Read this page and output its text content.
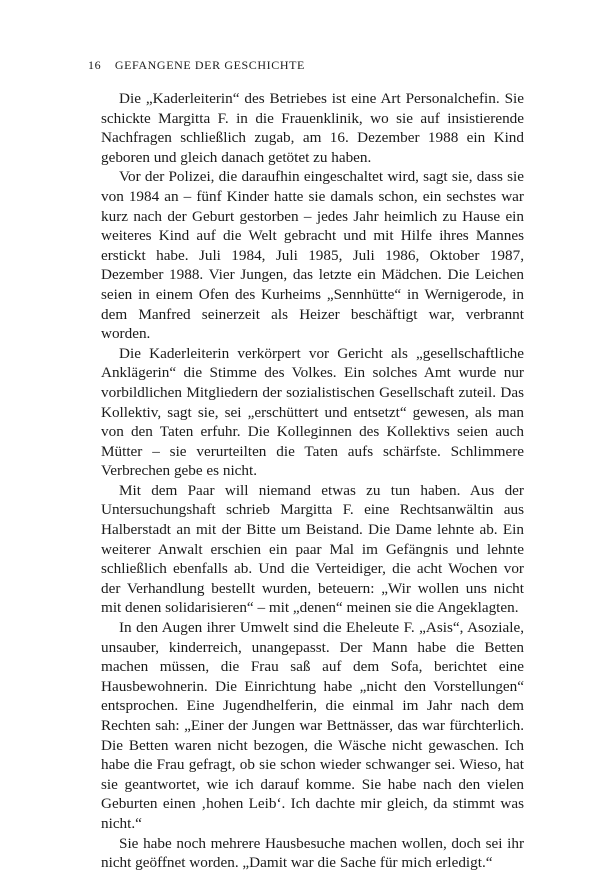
16 GEFANGENE DER GESCHICHTE

Die „Kaderleiterin“ des Betriebes ist eine Art Personalchefin. Sie schickte Margitta F. in die Frauenklinik, wo sie auf insistierende Nachfragen schließlich zugab, am 16. Dezember 1988 ein Kind geboren und gleich danach getötet zu haben.

Vor der Polizei, die daraufhin eingeschaltet wird, sagt sie, dass sie von 1984 an – fünf Kinder hatte sie damals schon, ein sechstes war kurz nach der Geburt gestorben – jedes Jahr heimlich zu Hause ein weiteres Kind auf die Welt gebracht und mit Hilfe ihres Mannes erstickt habe. Juli 1984, Juli 1985, Juli 1986, Oktober 1987, Dezember 1988. Vier Jungen, das letzte ein Mädchen. Die Leichen seien in einem Ofen des Kurheims „Sennhütte“ in Wernigerode, in dem Manfred seinerzeit als Heizer beschäftigt war, verbrannt worden.

Die Kaderleiterin verkörpert vor Gericht als „gesellschaftliche Anklägerin“ die Stimme des Volkes. Ein solches Amt wurde nur vorbildlichen Mitgliedern der sozialistischen Gesellschaft zuteil. Das Kollektiv, sagt sie, sei „erschüttert und entsetzt“ gewesen, als man von den Taten erfuhr. Die Kolleginnen des Kollektivs seien auch Mütter – sie verurteilten die Taten aufs schärfste. Schlimmere Verbrechen gebe es nicht.

Mit dem Paar will niemand etwas zu tun haben. Aus der Untersuchungshaft schrieb Margitta F. eine Rechtsanwältin aus Halberstadt an mit der Bitte um Beistand. Die Dame lehnte ab. Ein weiterer Anwalt erschien ein paar Mal im Gefängnis und lehnte schließlich ebenfalls ab. Und die Verteidiger, die acht Wochen vor der Verhandlung bestellt wurden, beteuern: „Wir wollen uns nicht mit denen solidarisieren“ – mit „denen“ meinen sie die Angeklagten.

In den Augen ihrer Umwelt sind die Eheleute F. „Asis“, Asoziale, unsauber, kinderreich, unangepasst. Der Mann habe die Betten machen müssen, die Frau saß auf dem Sofa, berichtet eine Hausbewohnerin. Die Einrichtung habe „nicht den Vorstellungen“ entsprochen. Eine Jugendhelferin, die einmal im Jahr nach dem Rechten sah: „Einer der Jungen war Bettnässer, das war fürchterlich. Die Betten waren nicht bezogen, die Wäsche nicht gewaschen. Ich habe die Frau gefragt, ob sie schon wieder schwanger sei. Wieso, hat sie geantwortet, wie ich darauf komme. Sie habe nach den vielen Geburten einen ‚hohen Leib‘. Ich dachte mir gleich, da stimmt was nicht.“

Sie habe noch mehrere Hausbesuche machen wollen, doch sei ihr nicht geöffnet worden. „Damit war die Sache für mich erledigt.“
